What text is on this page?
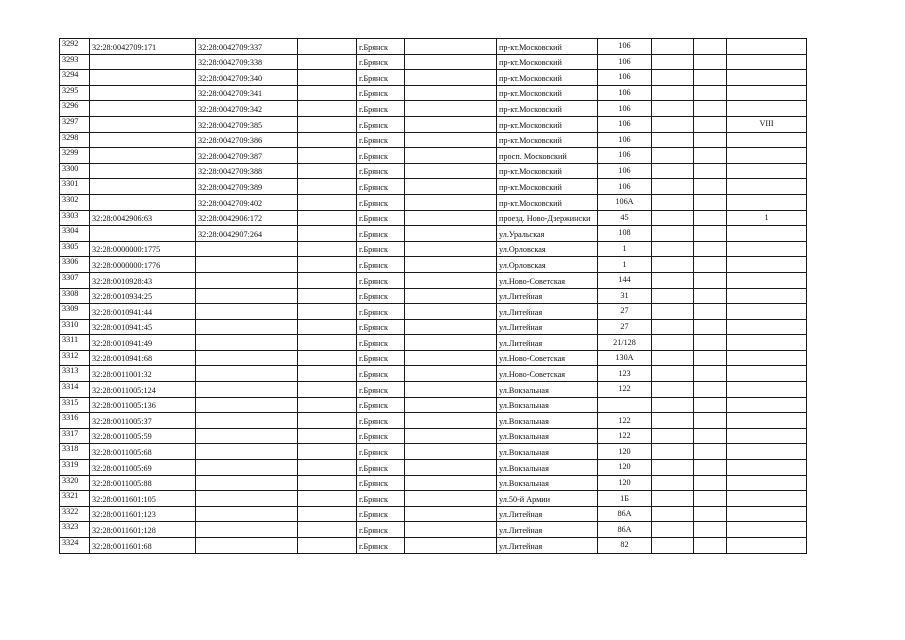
3292	32:28:0042709:171	32:28:0042709:337		г.Брянск		пр-кт.Московский	106			
3293		32:28:0042709:338		г.Брянск		пр-кт.Московский	106			
3294		32:28:0042709:340		г.Брянск		пр-кт.Московский	106			
3295		32:28:0042709:341		г.Брянск		пр-кт.Московский	106			
3296		32:28:0042709:342		г.Брянск		пр-кт.Московский	106			
3297		32:28:0042709:385		г.Брянск		пр-кт.Московский	106			VIII
3298		32:28:0042709:386		г.Брянск		пр-кт.Московский	106			
3299		32:28:0042709:387		г.Брянск		просп. Московский	106			
3300		32:28:0042709:388		г.Брянск		пр-кт.Московский	106			
3301		32:28:0042709:389		г.Брянск		пр-кт.Московский	106			
3302		32:28:0042709:402		г.Брянск		пр-кт.Московский	106А			
3303	32:28:0042906:63	32:28:0042906:172		г.Брянск		проезд. Ново-Дзержински	45			1
3304		32:28:0042907:264		г.Брянск		ул.Уральская	108			
3305	32:28:0000000:1775			г.Брянск		ул.Орловская	1			
3306	32:28:0000000:1776			г.Брянск		ул.Орловская	1			
3307	32:28:0010928:43			г.Брянск		ул.Ново-Советская	144			
3308	32:28:0010934:25			г.Брянск		ул.Литейная	31			
3309	32:28:0010941:44			г.Брянск		ул.Литейная	27			
3310	32:28:0010941:45			г.Брянск		ул.Литейная	27			
3311	32:28:0010941:49			г.Брянск		ул.Литейная	21/128			
3312	32:28:0010941:68			г.Брянск		ул.Ново-Советская	130А			
3313	32:28:0011001:32			г.Брянск		ул.Ново-Советская	123			
3314	32:28:0011005:124			г.Брянск		ул.Вокзальная	122			
3315	32:28:0011005:136			г.Брянск		ул.Вокзальная				
3316	32:28:0011005:37			г.Брянск		ул.Вокзальная	122			
3317	32:28:0011005:59			г.Брянск		ул.Вокзальная	122			
3318	32:28:0011005:68			г.Брянск		ул.Вокзальная	120			
3319	32:28:0011005:69			г.Брянск		ул.Вокзальная	120			
3320	32:28:0011005:88			г.Брянск		ул.Вокзальная	120			
3321	32:28:0011601:105			г.Брянск		ул.50-й Армии	1Б			
3322	32:28:0011601:123			г.Брянск		ул.Литейная	86А			
3323	32:28:0011601:128			г.Брянск		ул.Литейная	86А			
3324	32:28:0011601:68			г.Брянск		ул.Литейная	82			
